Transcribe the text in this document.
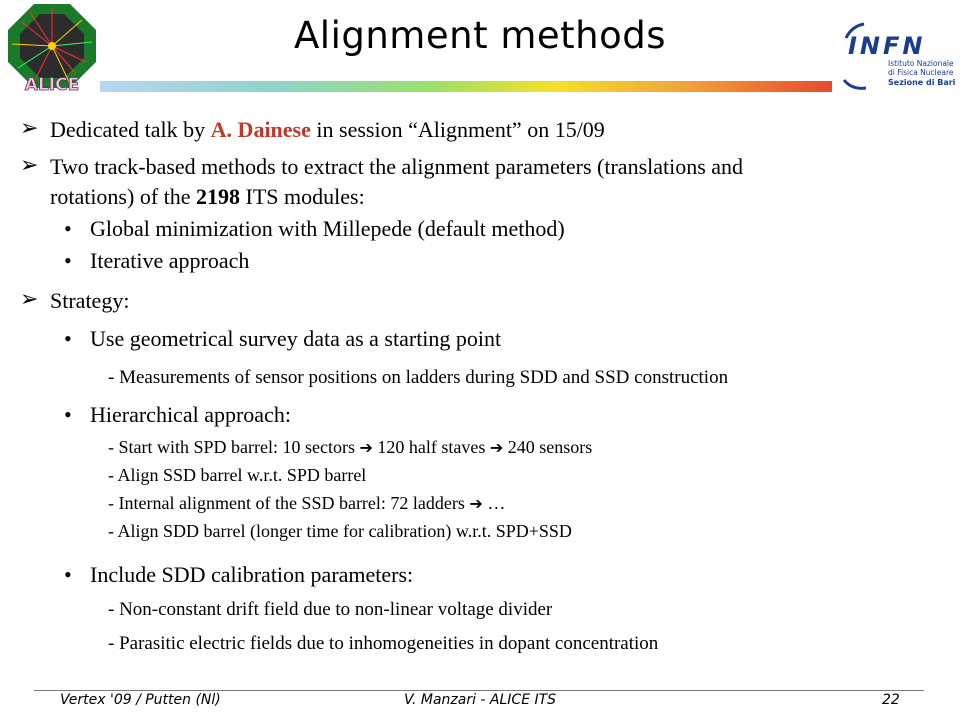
ALICE
Alignment methods	INFN
Istituto Nazionale
di Fisica Nucleare
Sezione di Bari
➢ Dedicated talk by A. Dainese in session “Alignment” on 15/09
➢ Two track-based methods to extract the alignment parameters (translations and
rotations) of the 2198 ITS modules:
• Global minimization with Millepede (default method)
• Iterative approach
➢ Strategy:
• Use geometrical survey data as a starting point
- Measurements of sensor positions on ladders during SDD and SSD construction
• Hierarchical approach:
- Start with SPD barrel: 10 sectors ➔ 120 half staves ➔ 240 sensors
- Align SSD barrel w.r.t. SPD barrel
- Internal alignment of the SSD barrel: 72 ladders ➔ …
- Align SDD barrel (longer time for calibration) w.r.t. SPD+SSD
• Include SDD calibration parameters:
- Non-constant drift field due to non-linear voltage divider
- Parasitic electric fields due to inhomogeneities in dopant concentration
Vertex '09 / Putten (Nl)	V. Manzari - ALICE ITS	22
